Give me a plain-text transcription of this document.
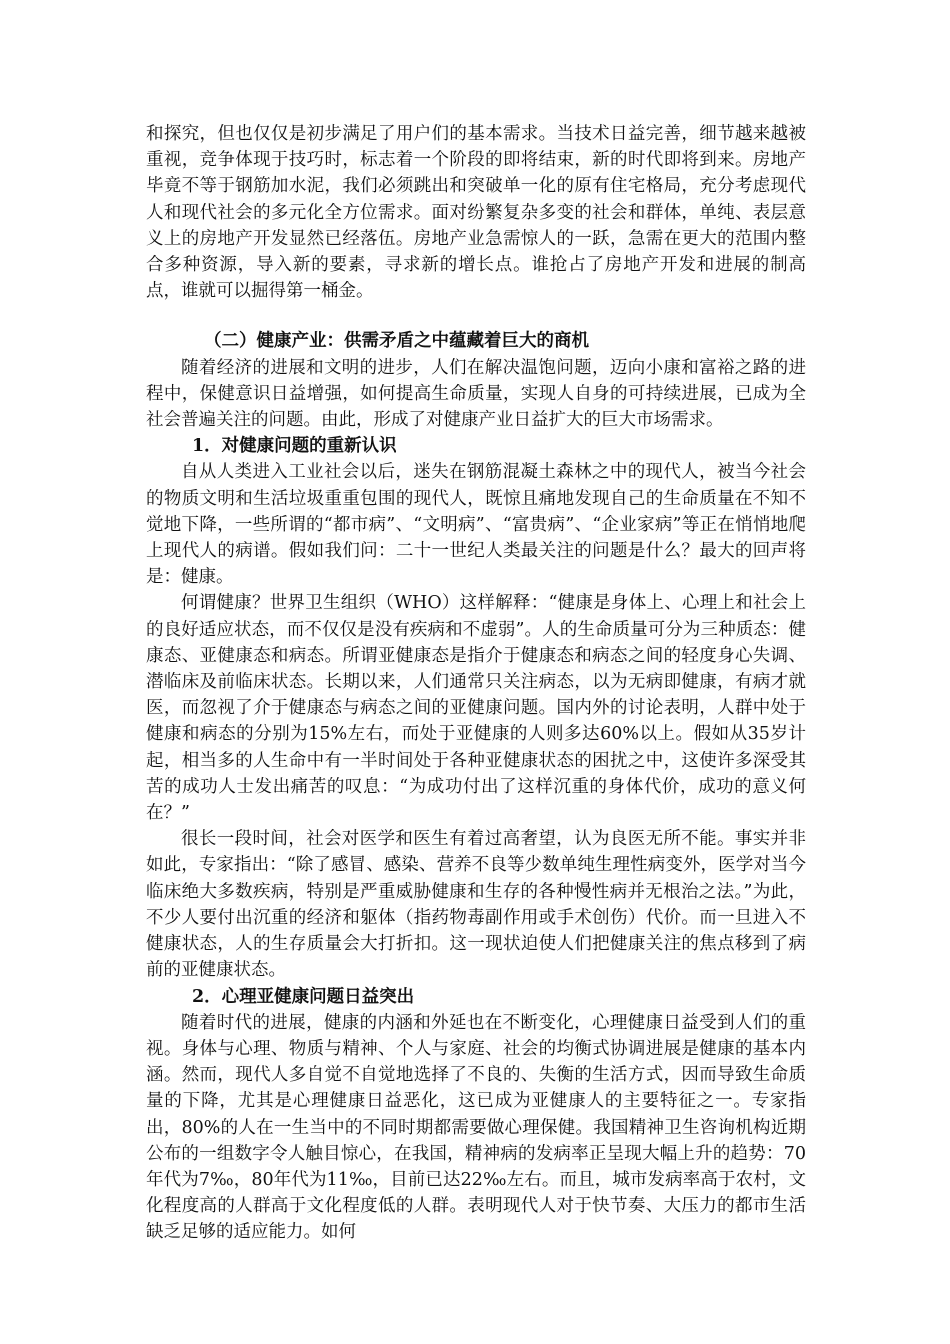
和探究，但也仅仅是初步满足了用户们的基本需求。当技术日益完善，细节越来越被重视，竞争体现于技巧时，标志着一个阶段的即将结束，新的时代即将到来。房地产毕竟不等于钢筋加水泥，我们必须跳出和突破单一化的原有住宅格局，充分考虑现代人和现代社会的多元化全方位需求。面对纷繁复杂多变的社会和群体，单纯、表层意义上的房地产开发显然已经落伍。房地产业急需惊人的一跃，急需在更大的范围内整合多种资源，导入新的要素，寻求新的增长点。谁抢占了房地产开发和进展的制高点，谁就可以掘得第一桶金。

（二）健康产业：供需矛盾之中蕴藏着巨大的商机

随着经济的进展和文明的进步，人们在解决温饱问题，迈向小康和富裕之路的进程中，保健意识日益增强，如何提高生命质量，实现人自身的可持续进展，已成为全社会普遍关注的问题。由此，形成了对健康产业日益扩大的巨大市场需求。

1．对健康问题的重新认识

自从人类进入工业社会以后，迷失在钢筋混凝土森林之中的现代人，被当今社会的物质文明和生活垃圾重重包围的现代人，既惊且痛地发现自己的生命质量在不知不觉地下降，一些所谓的“都市病”、“文明病”、“富贵病”、“企业家病”等正在悄悄地爬上现代人的病谱。假如我们问：二十一世纪人类最关注的问题是什么？最大的回声将是：健康。

何谓健康？世界卫生组织（WHO）这样解释：“健康是身体上、心理上和社会上的良好适应状态，而不仅仅是没有疾病和不虚弱”。人的生命质量可分为三种质态：健康态、亚健康态和病态。所谓亚健康态是指介于健康态和病态之间的轻度身心失调、潜临床及前临床状态。长期以来，人们通常只关注病态，以为无病即健康，有病才就医，而忽视了介于健康态与病态之间的亚健康问题。国内外的讨论表明，人群中处于健康和病态的分别为15%左右，而处于亚健康的人则多达60%以上。假如从35岁计起，相当多的人生命中有一半时间处于各种亚健康状态的困扰之中，这使许多深受其苦的成功人士发出痛苦的叹息：“为成功付出了这样沉重的身体代价，成功的意义何在？”

很长一段时间，社会对医学和医生有着过高奢望，认为良医无所不能。事实并非如此，专家指出：“除了感冒、感染、营养不良等少数单纯生理性病变外，医学对当今临床绝大多数疾病，特别是严重威胁健康和生存的各种慢性病并无根治之法。”为此，不少人要付出沉重的经济和躯体（指药物毒副作用或手术创伤）代价。而一旦进入不健康状态，人的生存质量会大打折扣。这一现状迫使人们把健康关注的焦点移到了病前的亚健康状态。

2．心理亚健康问题日益突出

随着时代的进展，健康的内涵和外延也在不断变化，心理健康日益受到人们的重视。身体与心理、物质与精神、个人与家庭、社会的均衡式协调进展是健康的基本内涵。然而，现代人多自觉不自觉地选择了不良的、失衡的生活方式，因而导致生命质量的下降，尤其是心理健康日益恶化，这已成为亚健康人的主要特征之一。专家指出，80%的人在一生当中的不同时期都需要做心理保健。我国精神卫生咨询机构近期公布的一组数字令人触目惊心，在我国，精神病的发病率正呈现大幅上升的趋势：70年代为7‰，80年代为11‰，目前已达22‰左右。而且，城市发病率高于农村，文化程度高的人群高于文化程度低的人群。表明现代人对于快节奏、大压力的都市生活缺乏足够的适应能力。如何
